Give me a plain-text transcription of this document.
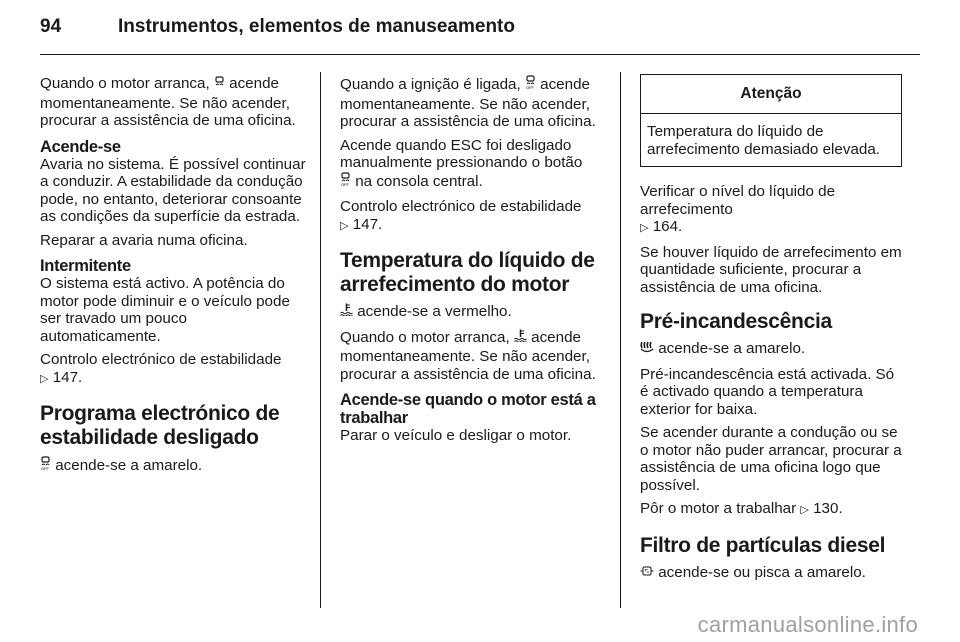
94	Instrumentos, elementos de manuseamento

Quando o motor arranca,  acende momentaneamente. Se não acender, procurar a assistência de uma oficina.

Acende-se

Avaria no sistema. É possível continuar a conduzir. A estabilidade da condução pode, no entanto, deteriorar consoante as condições da superfície da estrada.

Reparar a avaria numa oficina.

Intermitente

O sistema está activo. A potência do motor pode diminuir e o veículo pode ser travado um pouco automaticamente.

Controlo electrónico de estabilidade
▷ 147.

Programa electrónico de estabilidade desligado

OFF acende-se a amarelo.

Quando a ignição é ligada, OFF acende momentaneamente. Se não acender, procurar a assistência de uma oficina.

Acende quando ESC foi desligado manualmente pressionando o botão

OFF na consola central.

Controlo electrónico de estabilidade
▷ 147.

Temperatura do líquido de arrefecimento do motor

acende-se a vermelho.

Quando o motor arranca,  acende momentaneamente. Se não acender, procurar a assistência de uma oficina.

Acende-se quando o motor está a trabalhar

Parar o veículo e desligar o motor.

Atenção
Temperatura do líquido de arrefecimento demasiado elevada.

Verificar o nível do líquido de arrefecimento
▷ 164.

Se houver líquido de arrefecimento em quantidade suficiente, procurar a assistência de uma oficina.

Pré-incandescência

acende-se a amarelo.

Pré-incandescência está activada. Só é activado quando a temperatura exterior for baixa.

Se acender durante a condução ou se o motor não puder arrancar, procurar a assistência de uma oficina logo que possível.

Pôr o motor a trabalhar ▷ 130.

Filtro de partículas diesel

acende-se ou pisca a amarelo.

carmanualsonline.info
